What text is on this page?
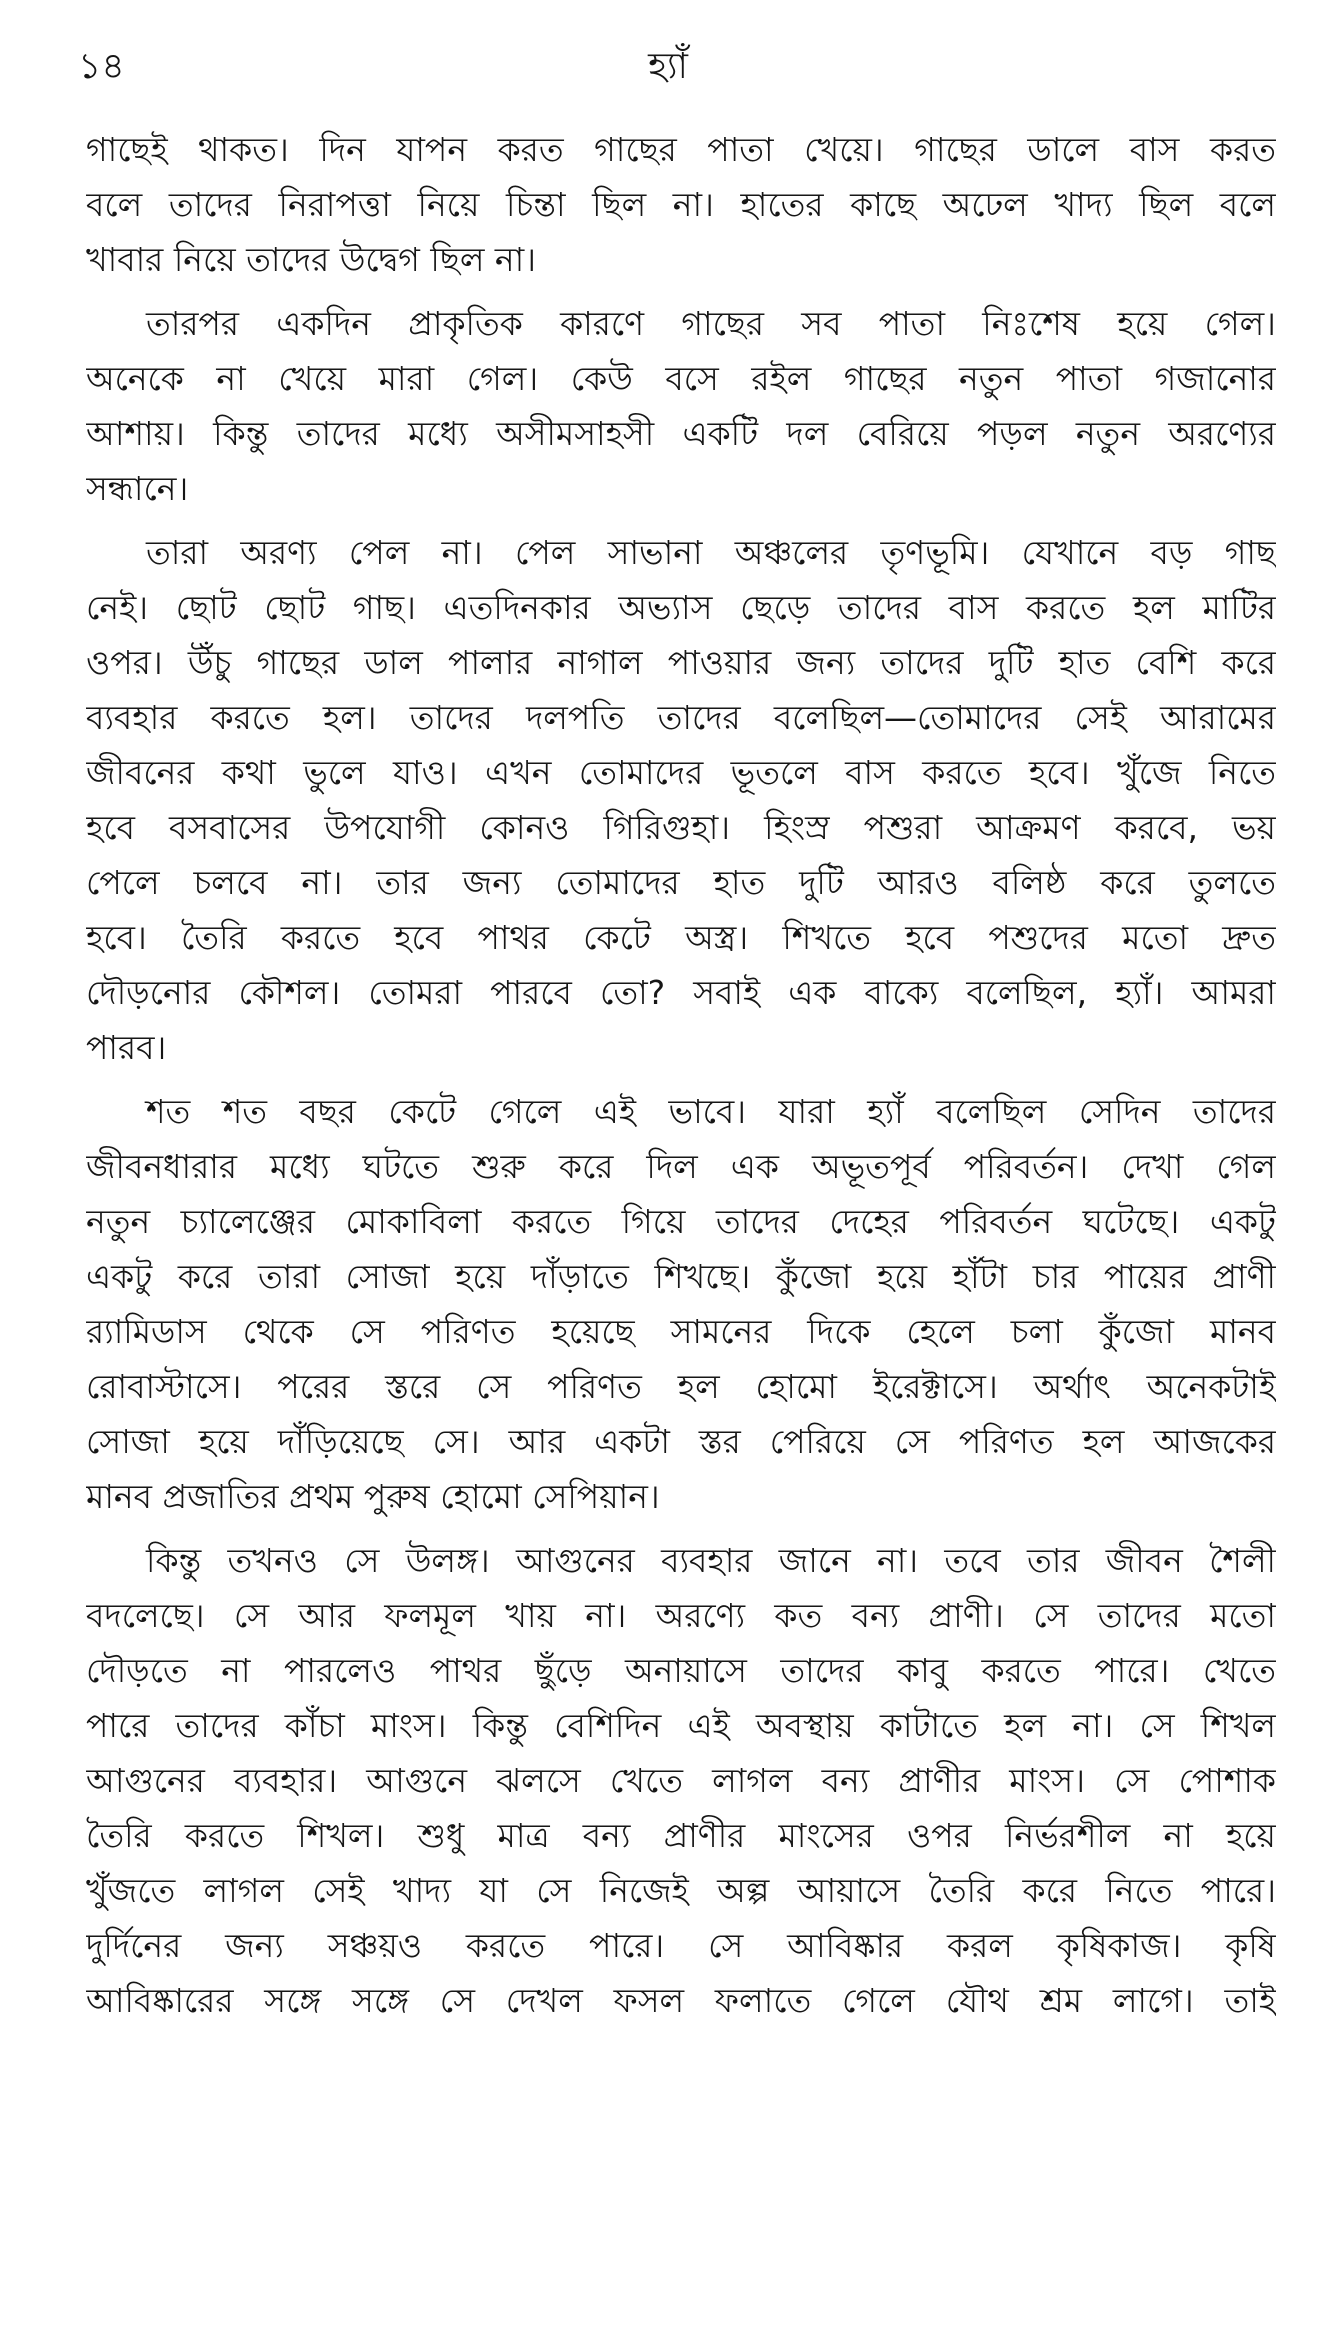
১৪	হ্যাঁ
গাছেই থাকত। দিন যাপন করত গাছের পাতা খেয়ে। গাছের ডালে বাস করত
বলে তাদের নিরাপত্তা নিয়ে চিন্তা ছিল না। হাতের কাছে অঢেল খাদ্য ছিল বলে
খাবার নিয়ে তাদের উদ্বেগ ছিল না।
তারপর একদিন প্রাকৃতিক কারণে গাছের সব পাতা নিঃশেষ হয়ে গেল।
অনেকে না খেয়ে মারা গেল। কেউ বসে রইল গাছের নতুন পাতা গজানোর
আশায়। কিন্তু তাদের মধ্যে অসীমসাহসী একটি দল বেরিয়ে পড়ল নতুন অরণ্যের
সন্ধানে।
তারা অরণ্য পেল না। পেল সাভানা অঞ্চলের তৃণভূমি। যেখানে বড় গাছ
নেই। ছোট ছোট গাছ। এতদিনকার অভ্যাস ছেড়ে তাদের বাস করতে হল মাটির
ওপর। উঁচু গাছের ডাল পালার নাগাল পাওয়ার জন্য তাদের দুটি হাত বেশি করে
ব্যবহার করতে হল। তাদের দলপতি তাদের বলেছিল—তোমাদের সেই আরামের
জীবনের কথা ভুলে যাও। এখন তোমাদের ভূতলে বাস করতে হবে। খুঁজে নিতে
হবে বসবাসের উপযোগী কোনও গিরিগুহা। হিংস্র পশুরা আক্রমণ করবে, ভয়
পেলে চলবে না। তার জন্য তোমাদের হাত দুটি আরও বলিষ্ঠ করে তুলতে
হবে। তৈরি করতে হবে পাথর কেটে অস্ত্র। শিখতে হবে পশুদের মতো দ্রুত
দৌড়নোর কৌশল। তোমরা পারবে তো? সবাই এক বাক্যে বলেছিল, হ্যাঁ। আমরা
পারব।
শত শত বছর কেটে গেলে এই ভাবে। যারা হ্যাঁ বলেছিল সেদিন তাদের
জীবনধারার মধ্যে ঘটতে শুরু করে দিল এক অভূতপূর্ব পরিবর্তন। দেখা গেল
নতুন চ্যালেঞ্জের মোকাবিলা করতে গিয়ে তাদের দেহের পরিবর্তন ঘটেছে। একটু
একটু করে তারা সোজা হয়ে দাঁড়াতে শিখছে। কুঁজো হয়ে হাঁটা চার পায়ের প্রাণী
র‌্যামিডাস থেকে সে পরিণত হয়েছে সামনের দিকে হেলে চলা কুঁজো মানব
রোবাস্টাসে। পরের স্তরে সে পরিণত হল হোমো ইরেক্টাসে। অর্থাৎ অনেকটাই
সোজা হয়ে দাঁড়িয়েছে সে। আর একটা স্তর পেরিয়ে সে পরিণত হল আজকের
মানব প্রজাতির প্রথম পুরুষ হোমো সেপিয়ান।
কিন্তু তখনও সে উলঙ্গ। আগুনের ব্যবহার জানে না। তবে তার জীবন শৈলী
বদলেছে। সে আর ফলমূল খায় না। অরণ্যে কত বন্য প্রাণী। সে তাদের মতো
দৌড়তে না পারলেও পাথর ছুঁড়ে অনায়াসে তাদের কাবু করতে পারে। খেতে
পারে তাদের কাঁচা মাংস। কিন্তু বেশিদিন এই অবস্থায় কাটাতে হল না। সে শিখল
আগুনের ব্যবহার। আগুনে ঝলসে খেতে লাগল বন্য প্রাণীর মাংস। সে পোশাক
তৈরি করতে শিখল। শুধু মাত্র বন্য প্রাণীর মাংসের ওপর নির্ভরশীল না হয়ে
খুঁজতে লাগল সেই খাদ্য যা সে নিজেই অল্প আয়াসে তৈরি করে নিতে পারে।
দুর্দিনের জন্য সঞ্চয়ও করতে পারে। সে আবিষ্কার করল কৃষিকাজ। কৃষি
আবিষ্কারের সঙ্গে সঙ্গে সে দেখল ফসল ফলাতে গেলে যৌথ শ্রম লাগে। তাই
